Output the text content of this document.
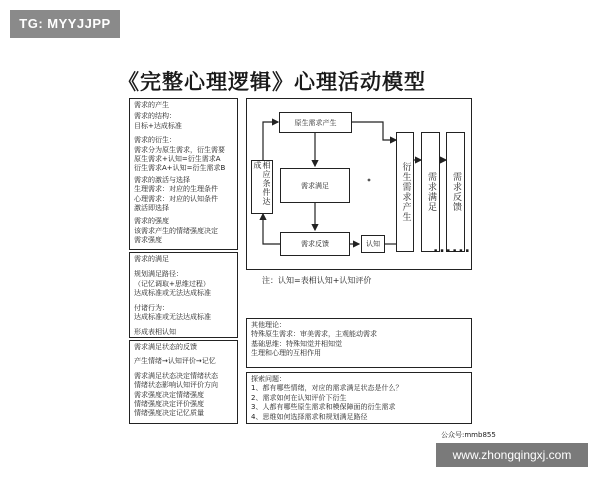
TG: MYYJJPP
《完整心理逻辑》心理活动模型
需求的产生
需求的结构：
目标+达成标准
需求的衍生：
需求分为原生需求，衍生需要
原生需求+认知=衍生需求A
衍生需求A+认知=衍生需求B
需求的激活与选择
生理需求：对应的生理条件
心理需求：对应的认知条件
激活即选择
需求的强度
该需求产生的情绪强度决定
需求强度
需求的满足
规划满足路径：
（记忆调取+思维过程）
达成标准或无法达成标准
付诸行为：
达成标准或无法达成标准
形成表相认知
需求满足状态的反馈
产生情绪→认知评价→记忆
需求满足状态决定情绪状态
情绪状态影响认知评价方向
需求强度决定情绪强度
情绪强度决定评价强度
情绪强度决定记忆质量
原生需求产生
需求满足
需求反馈	认知
相应条件达成	衍生需求产生	需求满足	需求反馈
......
注：认知=表相认知+认知评价
其他理论：
特殊原生需求：审美需求，主观能动需求
基础思维：特殊知觉并相知觉
生理和心理的互相作用
探索问题：
1、都有哪些情绪，对应的需求满足状态是什么？
2、需求如何在认知评价下衍生
3、人都有哪些原生需求和模保障面的衍生需求
4、思维如何选择需求和规划满足路径
公众号:mmb855
www.zhongqingxj.com
